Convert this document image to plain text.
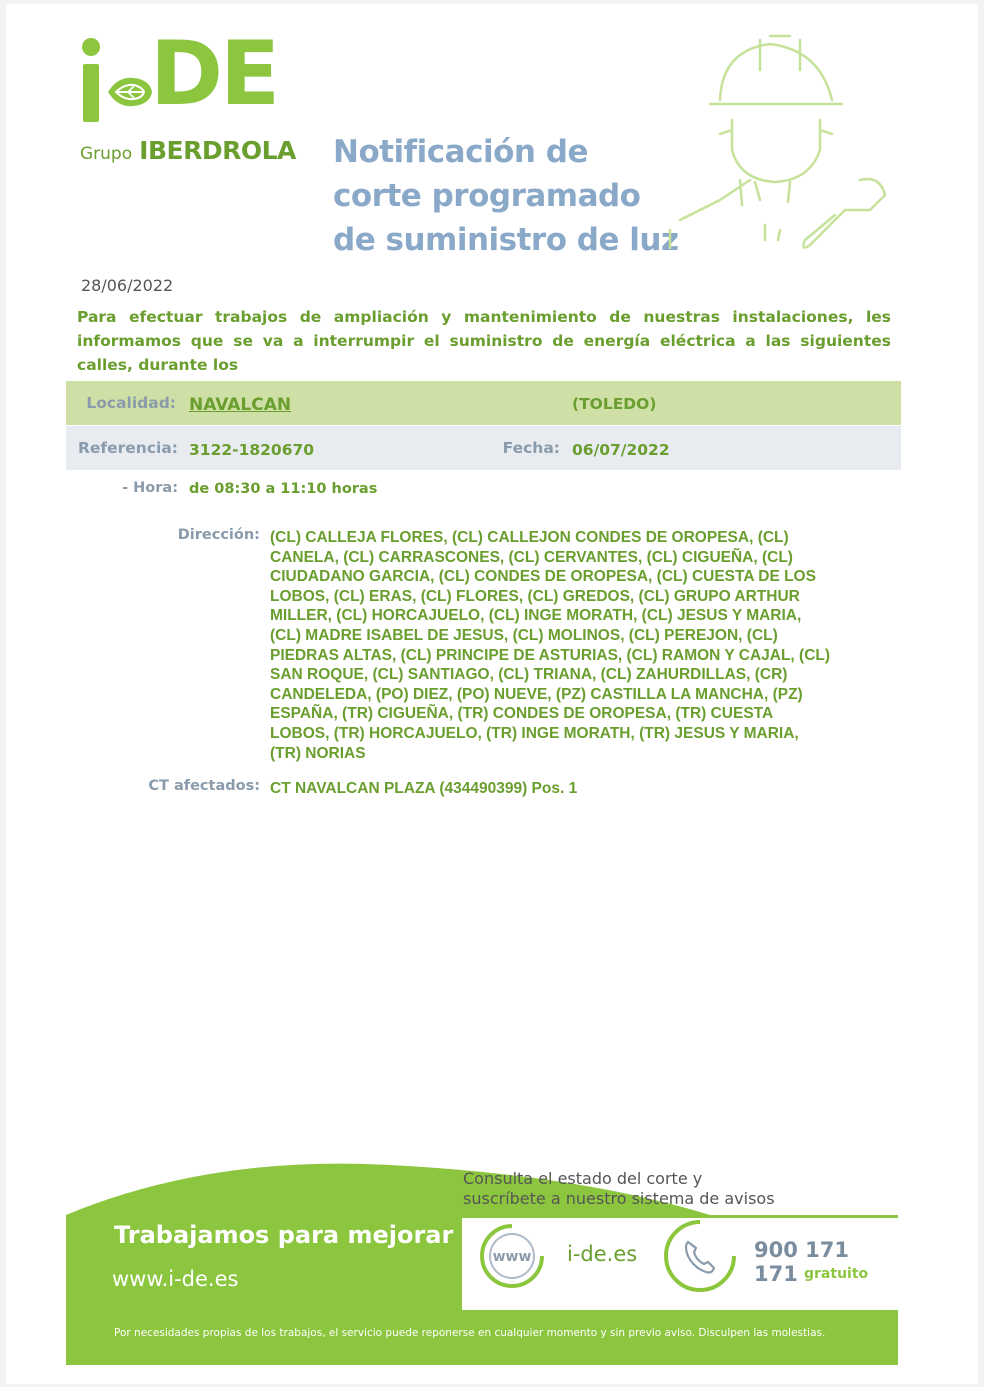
DE
Grupo IBERDROLA Notificación de
corte programado
de suministro de luz
28/06/2022
Para efectuar trabajos de ampliación y mantenimiento de nuestras instalaciones, les informamos que se va a interrumpir el suministro de energía eléctrica a las siguientes calles, durante los
Localidad: NAVALCAN	(TOLEDO)
Referencia: 3122-1820670	Fecha: 06/07/2022
- Hora: de 08:30 a 11:10 horas
Dirección: (CL) CALLEJA FLORES, (CL) CALLEJON CONDES DE OROPESA, (CL)
CANELA, (CL) CARRASCONES, (CL) CERVANTES, (CL) CIGUEÑA, (CL)
CIUDADANO GARCIA, (CL) CONDES DE OROPESA, (CL) CUESTA DE LOS
LOBOS, (CL) ERAS, (CL) FLORES, (CL) GREDOS, (CL) GRUPO ARTHUR
MILLER, (CL) HORCAJUELO, (CL) INGE MORATH, (CL) JESUS Y MARIA,
(CL) MADRE ISABEL DE JESUS, (CL) MOLINOS, (CL) PEREJON, (CL)
PIEDRAS ALTAS, (CL) PRINCIPE DE ASTURIAS, (CL) RAMON Y CAJAL, (CL)
SAN ROQUE, (CL) SANTIAGO, (CL) TRIANA, (CL) ZAHURDILLAS, (CR)
CANDELEDA, (PO) DIEZ, (PO) NUEVE, (PZ) CASTILLA LA MANCHA, (PZ)
ESPAÑA, (TR) CIGUEÑA, (TR) CONDES DE OROPESA, (TR) CUESTA
LOBOS, (TR) HORCAJUELO, (TR) INGE MORATH, (TR) JESUS Y MARIA,
(TR) NORIAS
CT afectados: CT NAVALCAN PLAZA (434490399) Pos. 1
Trabajamos para mejorar
www.i-de.es
Consulta el estado del corte y
suscríbete a nuestro sistema de avisos
www i-de.es	900 171 171 gratuito
Por necesidades propias de los trabajos, el servicio puede reponerse en cualquier momento y sin previo aviso. Disculpen las molestias.
